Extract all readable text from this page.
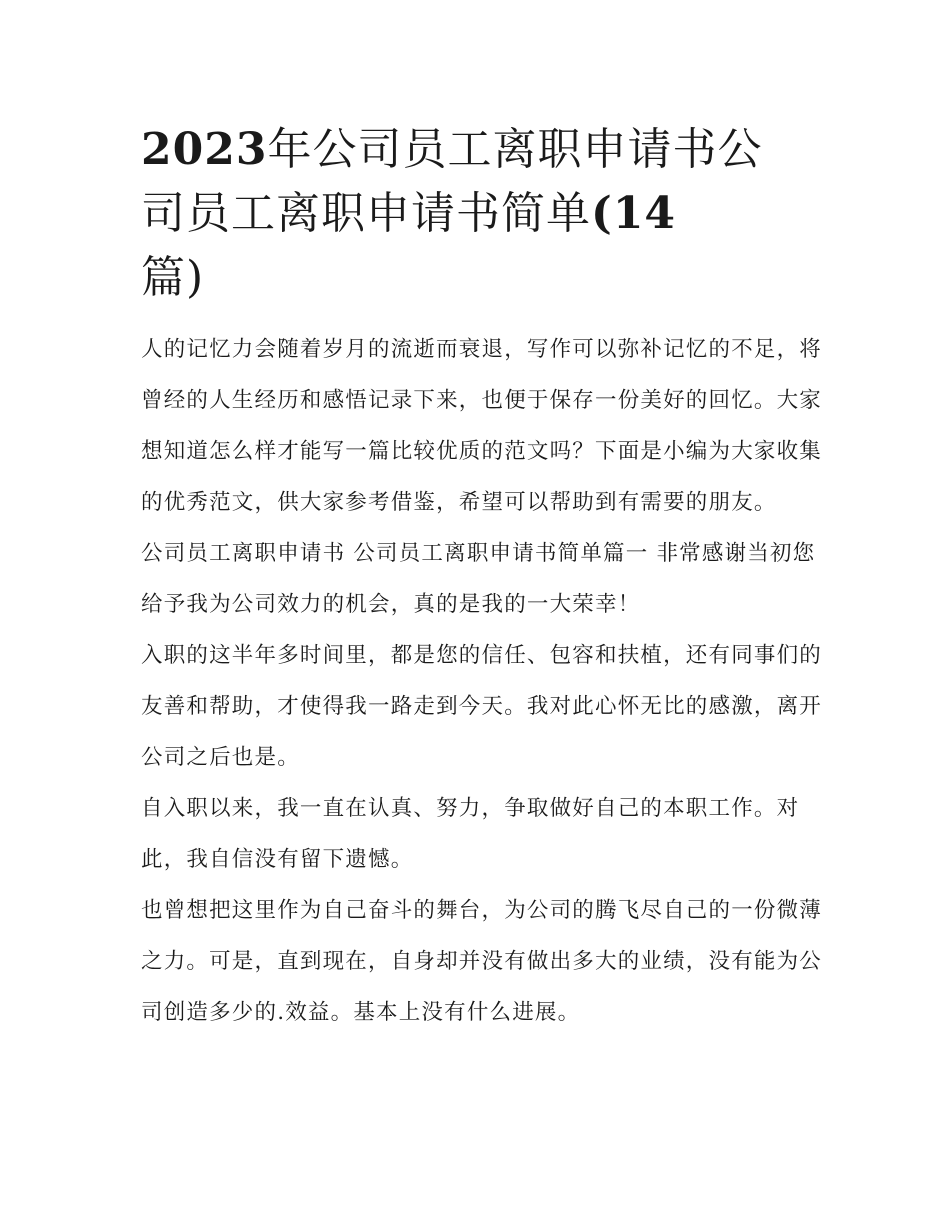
2023年公司员工离职申请书公司员工离职申请书简单(14
篇)

人的记忆力会随着岁月的流逝而衰退，写作可以弥补记忆的不足，将曾经的人生经历和感悟记录下来，也便于保存一份美好的回忆。大家想知道怎么样才能写一篇比较优质的范文吗？下面是小编为大家收集的优秀范文，供大家参考借鉴，希望可以帮助到有需要的朋友。

公司员工离职申请书 公司员工离职申请书简单篇一 非常感谢当初您给予我为公司效力的机会，真的是我的一大荣幸！

入职的这半年多时间里，都是您的信任、包容和扶植，还有同事们的友善和帮助，才使得我一路走到今天。我对此心怀无比的感激，离开公司之后也是。

自入职以来，我一直在认真、努力，争取做好自己的本职工作。对此，我自信没有留下遗憾。

也曾想把这里作为自己奋斗的舞台，为公司的腾飞尽自己的一份微薄之力。可是，直到现在，自身却并没有做出多大的业绩，没有能为公司创造多少的.效益。基本上没有什么进展。
